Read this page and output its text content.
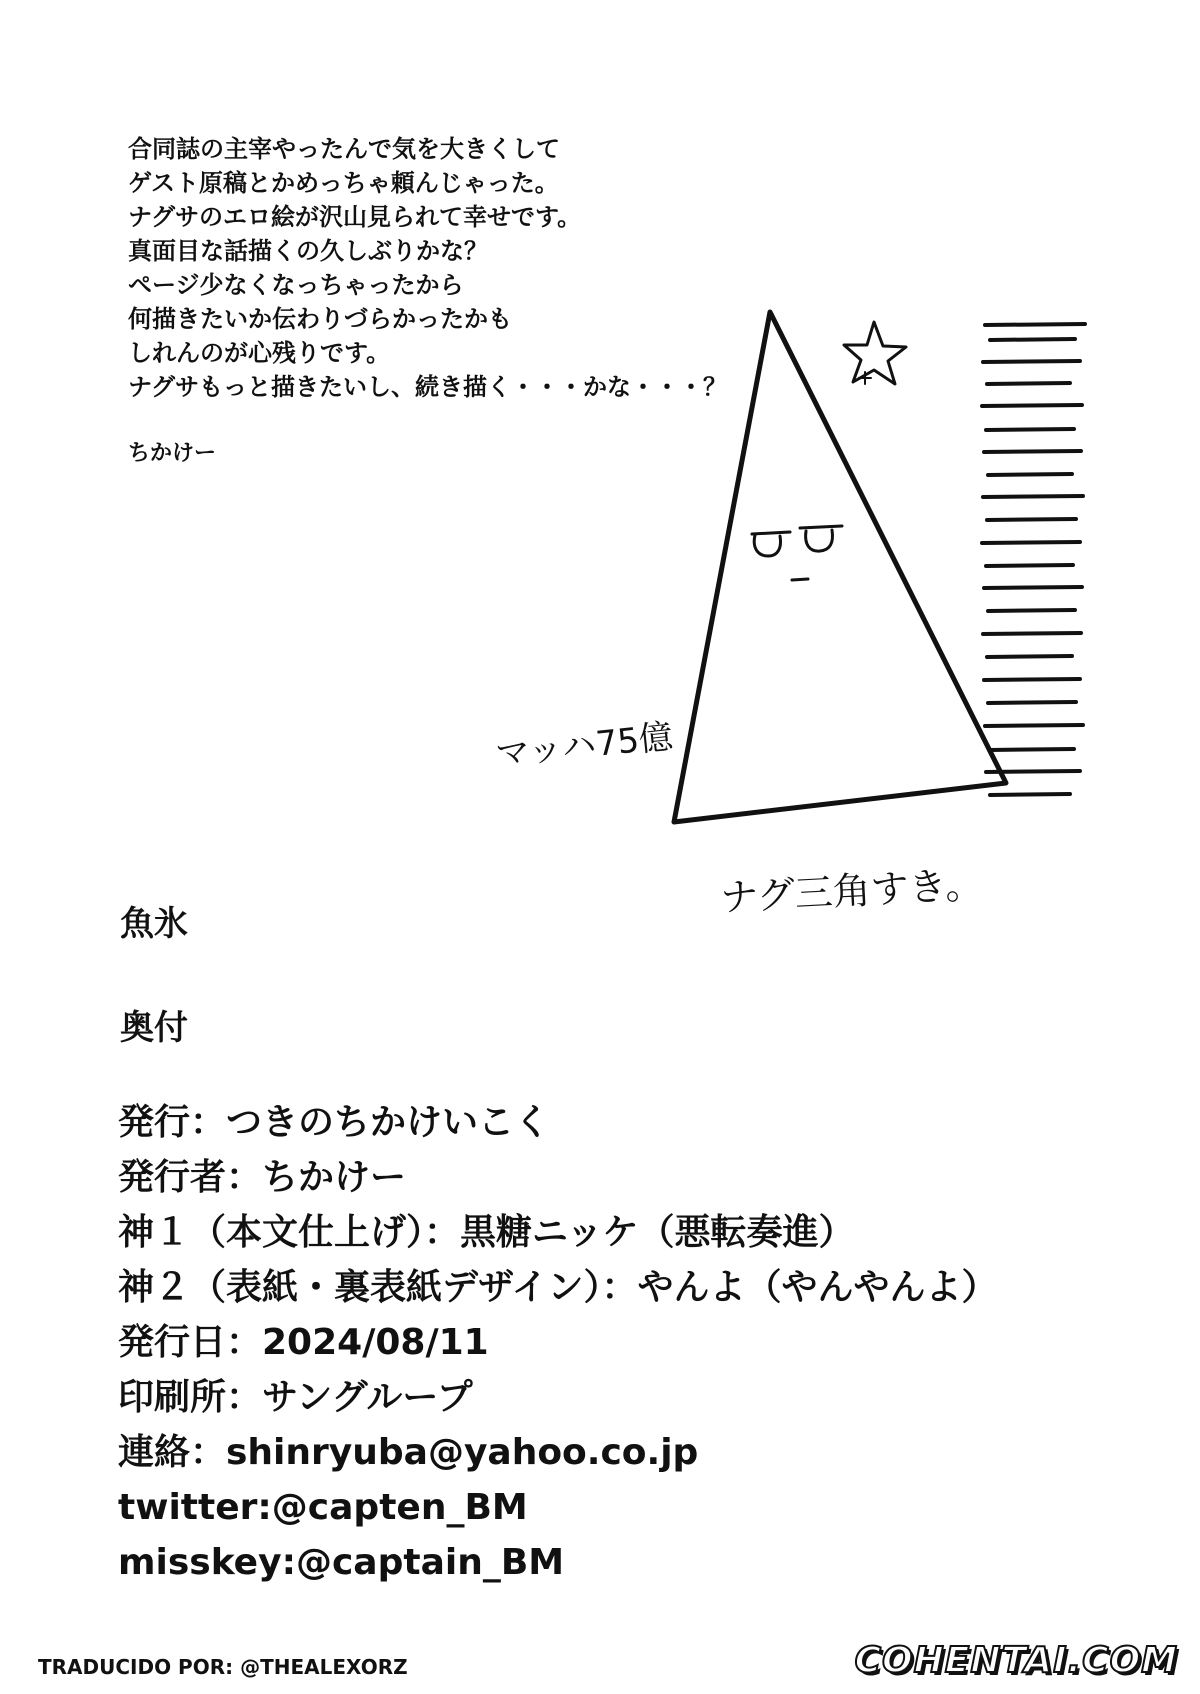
合同誌の主宰やったんで気を大きくして
ゲスト原稿とかめっちゃ頼んじゃった。
ナグサのエロ絵が沢山見られて幸せです。
真面目な話描くの久しぶりかな？
ページ少なくなっちゃったから
何描きたいか伝わりづらかったかも
しれんのが心残りです。
ナグサもっと描きたいし、続き描く・・・かな・・・？
ちかけー
マッハ75億
ナグ三角すき。
魚氷
奥付
発行：つきのちかけいこく
発行者：ちかけー
神１（本文仕上げ）：黒糖ニッケ（悪転奏進）
神２（表紙・裏表紙デザイン）：やんよ（やんやんよ）
発行日：2024/08/11
印刷所：サングループ
連絡：shinryuba@yahoo.co.jp
twitter:@capten_BM
misskey:@captain_BM
TRADUCIDO POR: @THEALEXORZ	COHENTAI.COM
